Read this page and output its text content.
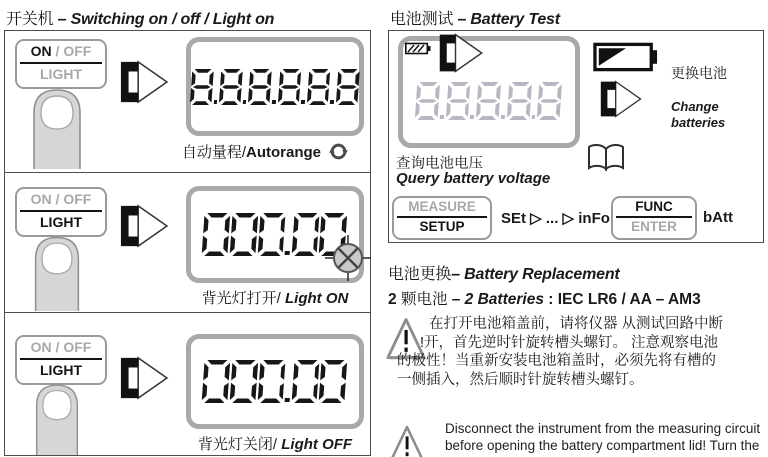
开关机 – Switching on / off / Light on
ON / OFF
LIGHT
自动量程/Autorange
ON / OFF
LIGHT
背光灯打开/ Light ON
ON / OFF
LIGHT
背光灯关闭/ Light OFF
电池测试 – Battery Test
更换电池
Change
batteries
查询电池电压
Query battery voltage
MEASURE
SETUP	SEt ▷ ... ▷ inFo
FUNC
ENTER
bAtt
电池更换– Battery Replacement
2 颗电池 – 2 Batteries : IEC LR6 / AA – AM3
在打开电池箱盖前，请将仪器 从测试回路中断
!开，首先逆时针旋转槽头螺钉。 注意观察电池
的极性！当重新安装电池箱盖时，必须先将有槽的
一侧插入，然后顺时针旋转槽头螺钉。
Disconnect the instrument from the measuring circuit
before opening the battery compartment lid! Turn the
